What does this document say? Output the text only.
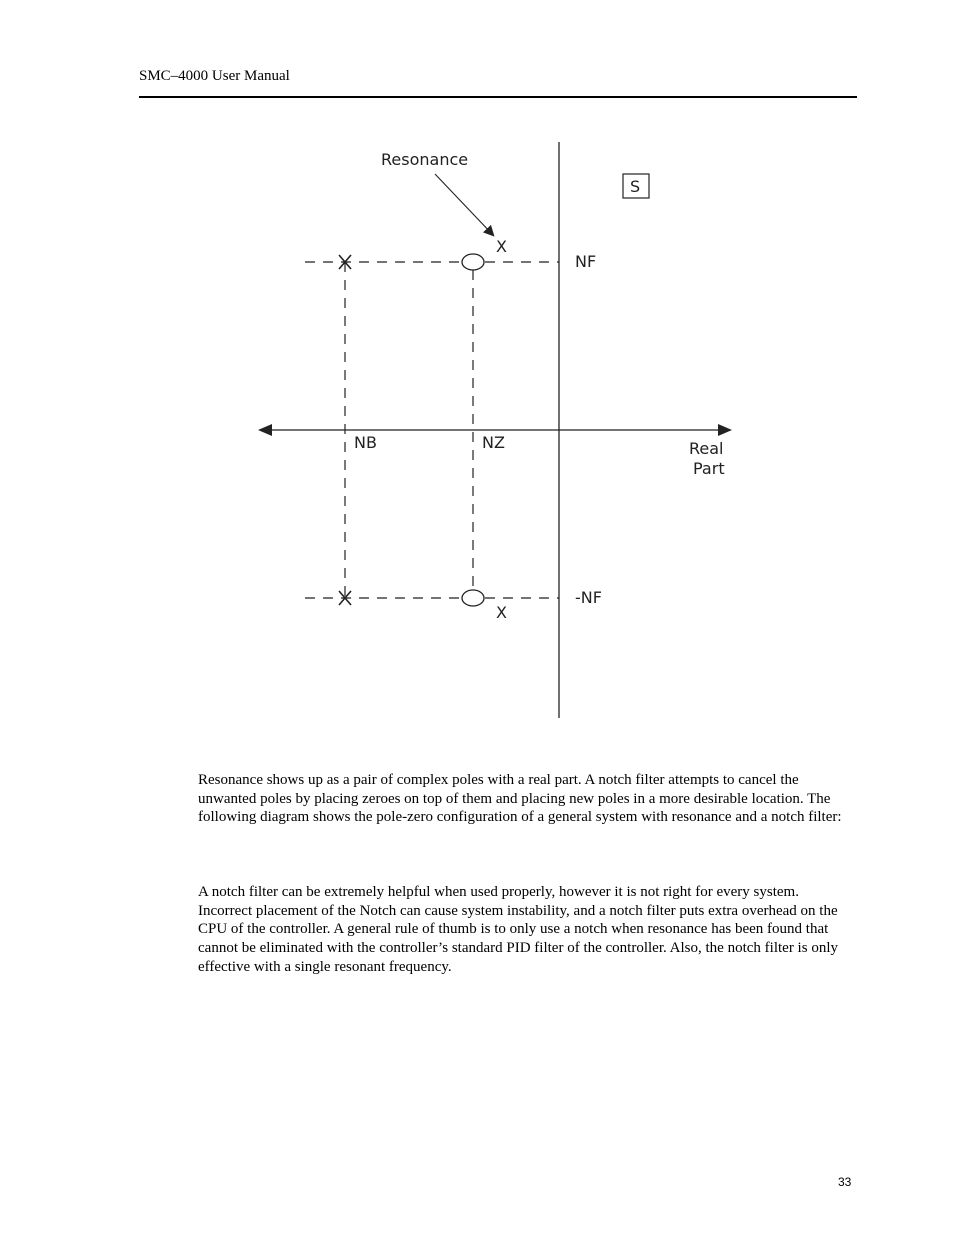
SMC–4000 User Manual
Resonance
S
X
X
NF
-NF
NB	NZ	Real
Part

Resonance shows up as a pair of complex poles with a real part. A notch filter attempts to cancel the unwanted poles by placing zeroes on top of them and placing new poles in a more desirable location. The following diagram shows the pole-zero configuration of a general system with resonance and a notch filter:

A notch filter can be extremely helpful when used properly, however it is not right for every system. Incorrect placement of the Notch can cause system instability, and a notch filter puts extra overhead on the CPU of the controller. A general rule of thumb is to only use a notch when resonance has been found that cannot be eliminated with the controller’s standard PID filter of the controller. Also, the notch filter is only effective with a single resonant frequency.

33
